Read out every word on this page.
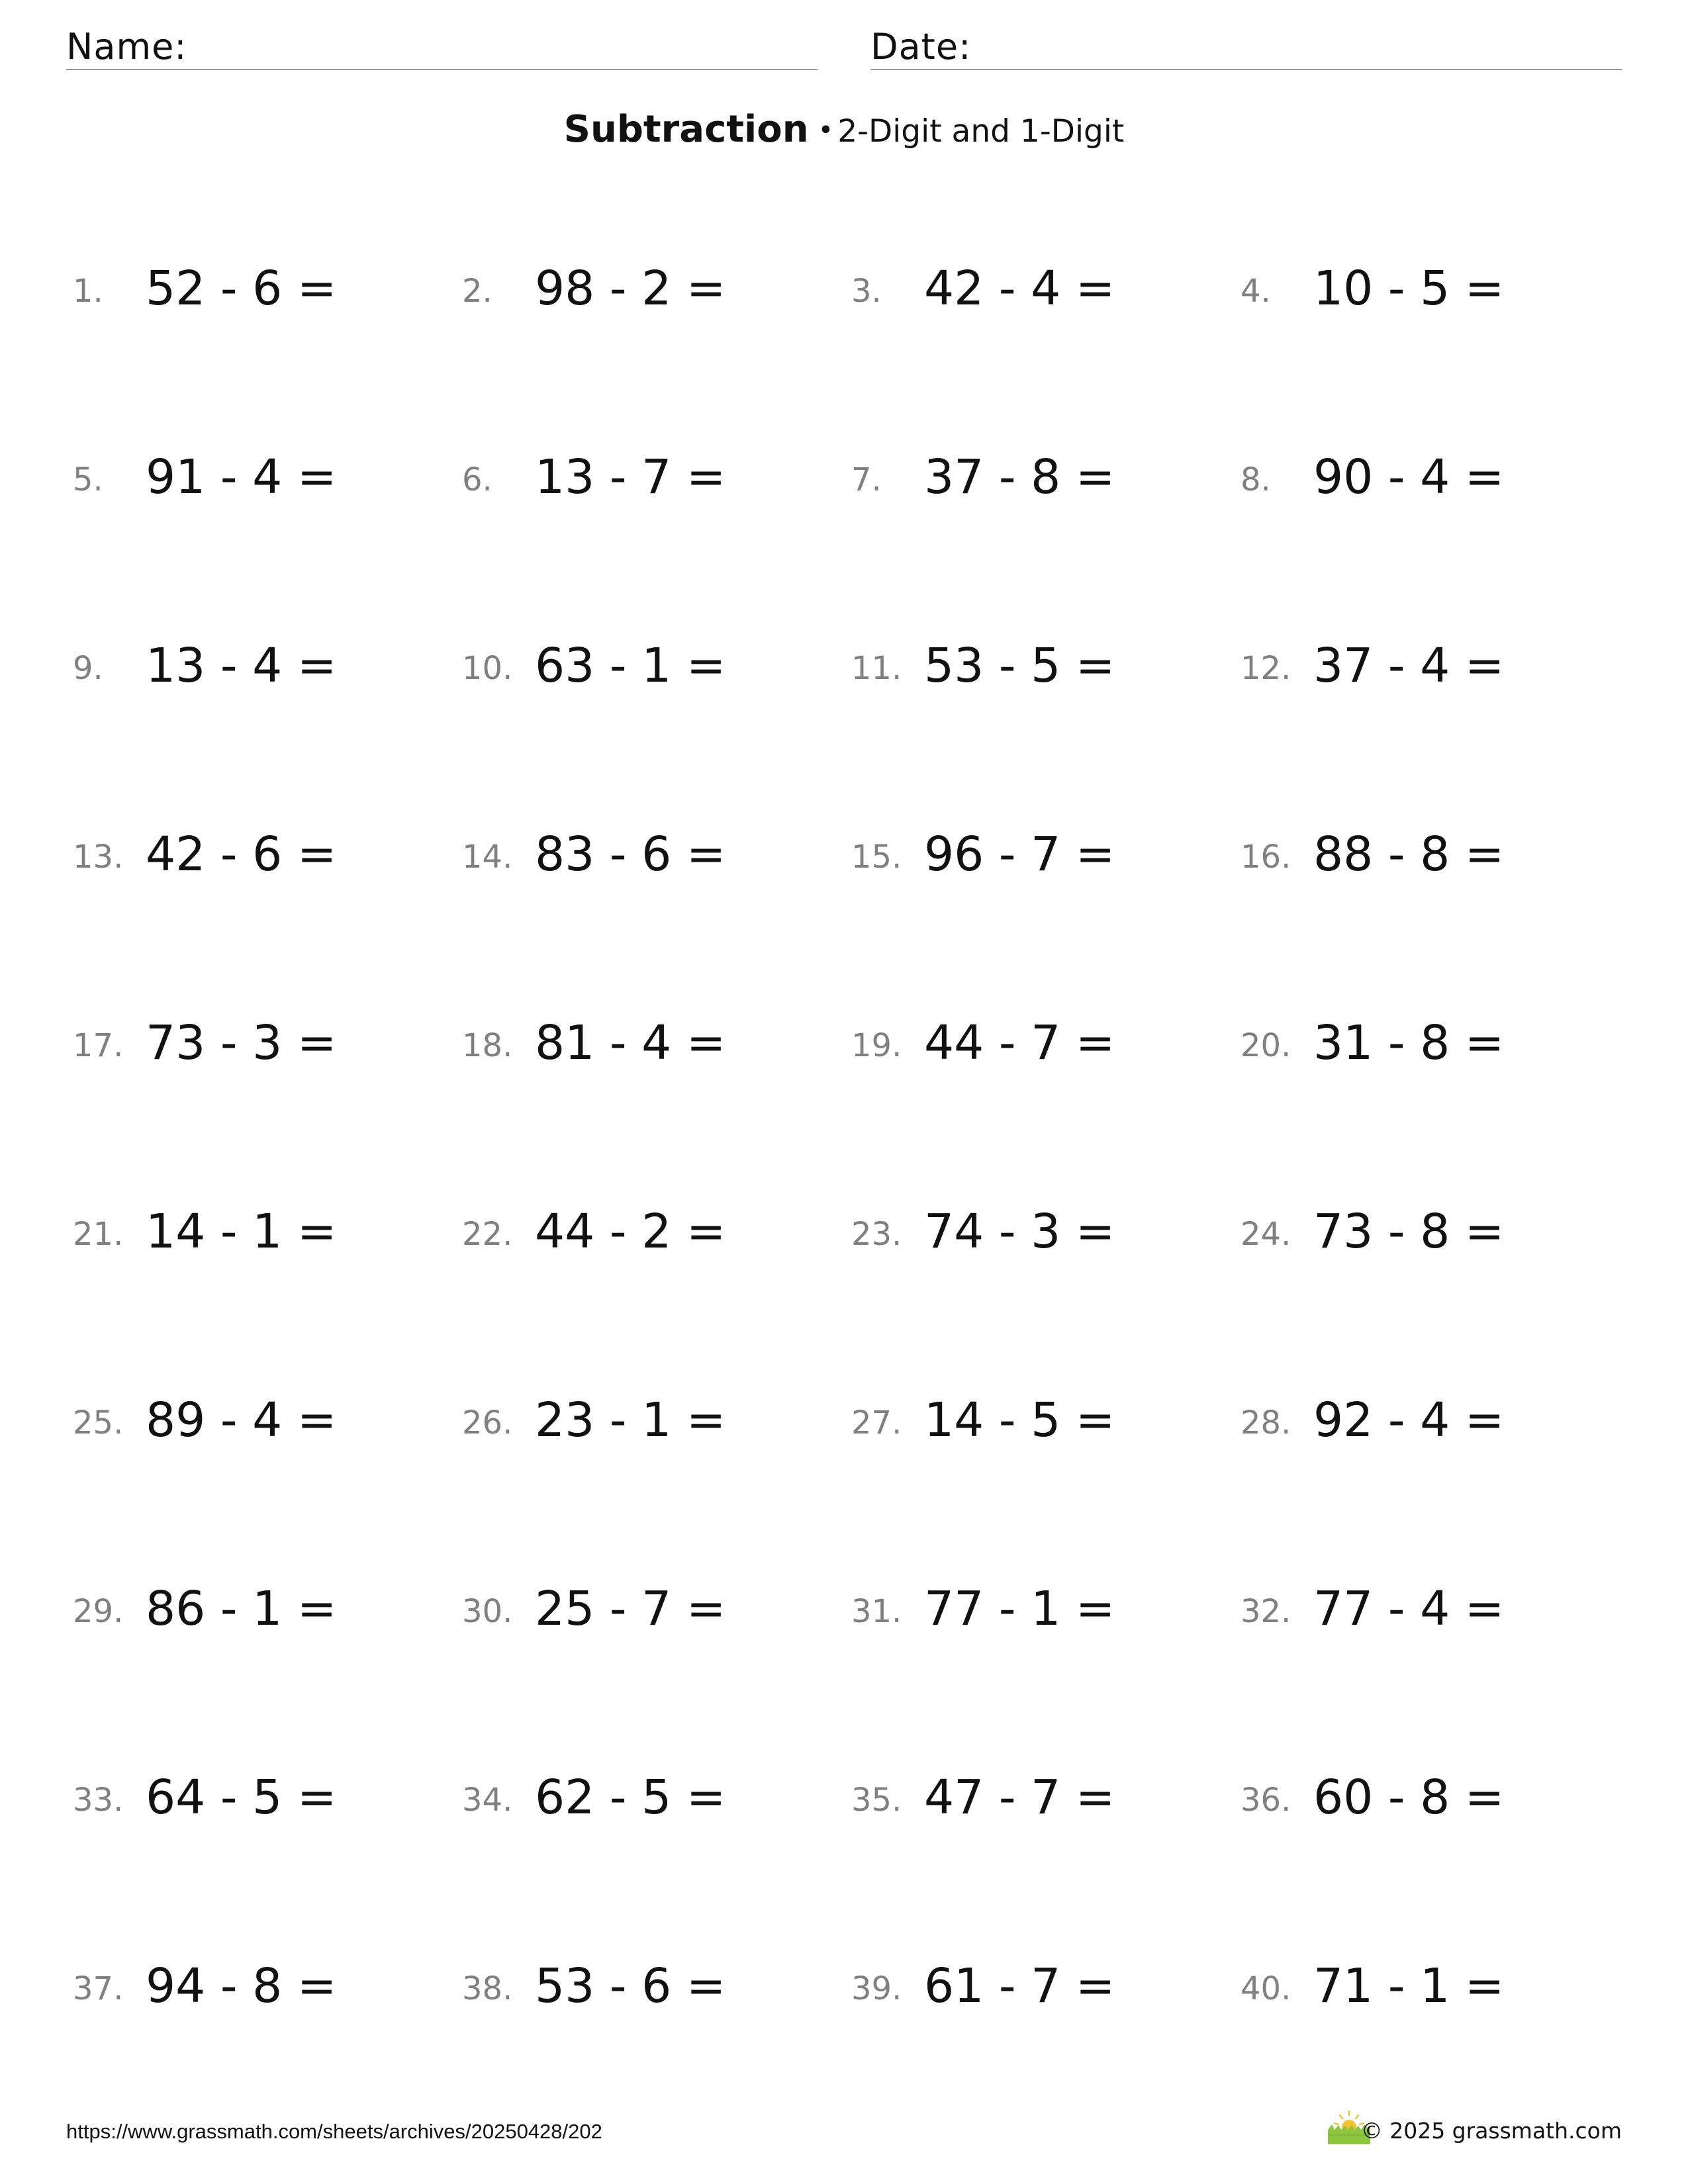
Name:	Date:
Subtraction • 2-Digit and 1-Digit
1. 52 - 6 =	2. 98 - 2 =	3. 42 - 4 =	4. 10 - 5 =
5. 91 - 4 =	6. 13 - 7 =	7. 37 - 8 =	8. 90 - 4 =
9. 13 - 4 =	10. 63 - 1 =	11. 53 - 5 =	12. 37 - 4 =
13. 42 - 6 =	14. 83 - 6 =	15. 96 - 7 =	16. 88 - 8 =
17. 73 - 3 =	18. 81 - 4 =	19. 44 - 7 =	20. 31 - 8 =
21. 14 - 1 =	22. 44 - 2 =	23. 74 - 3 =	24. 73 - 8 =
25. 89 - 4 =	26. 23 - 1 =	27. 14 - 5 =	28. 92 - 4 =
29. 86 - 1 =	30. 25 - 7 =	31. 77 - 1 =	32. 77 - 4 =
33. 64 - 5 =	34. 62 - 5 =	35. 47 - 7 =	36. 60 - 8 =
37. 94 - 8 =	38. 53 - 6 =	39. 61 - 7 =	40. 71 - 1 =
https://www.grassmath.com/sheets/archives/20250428/202	© 2025 grassmath.com
